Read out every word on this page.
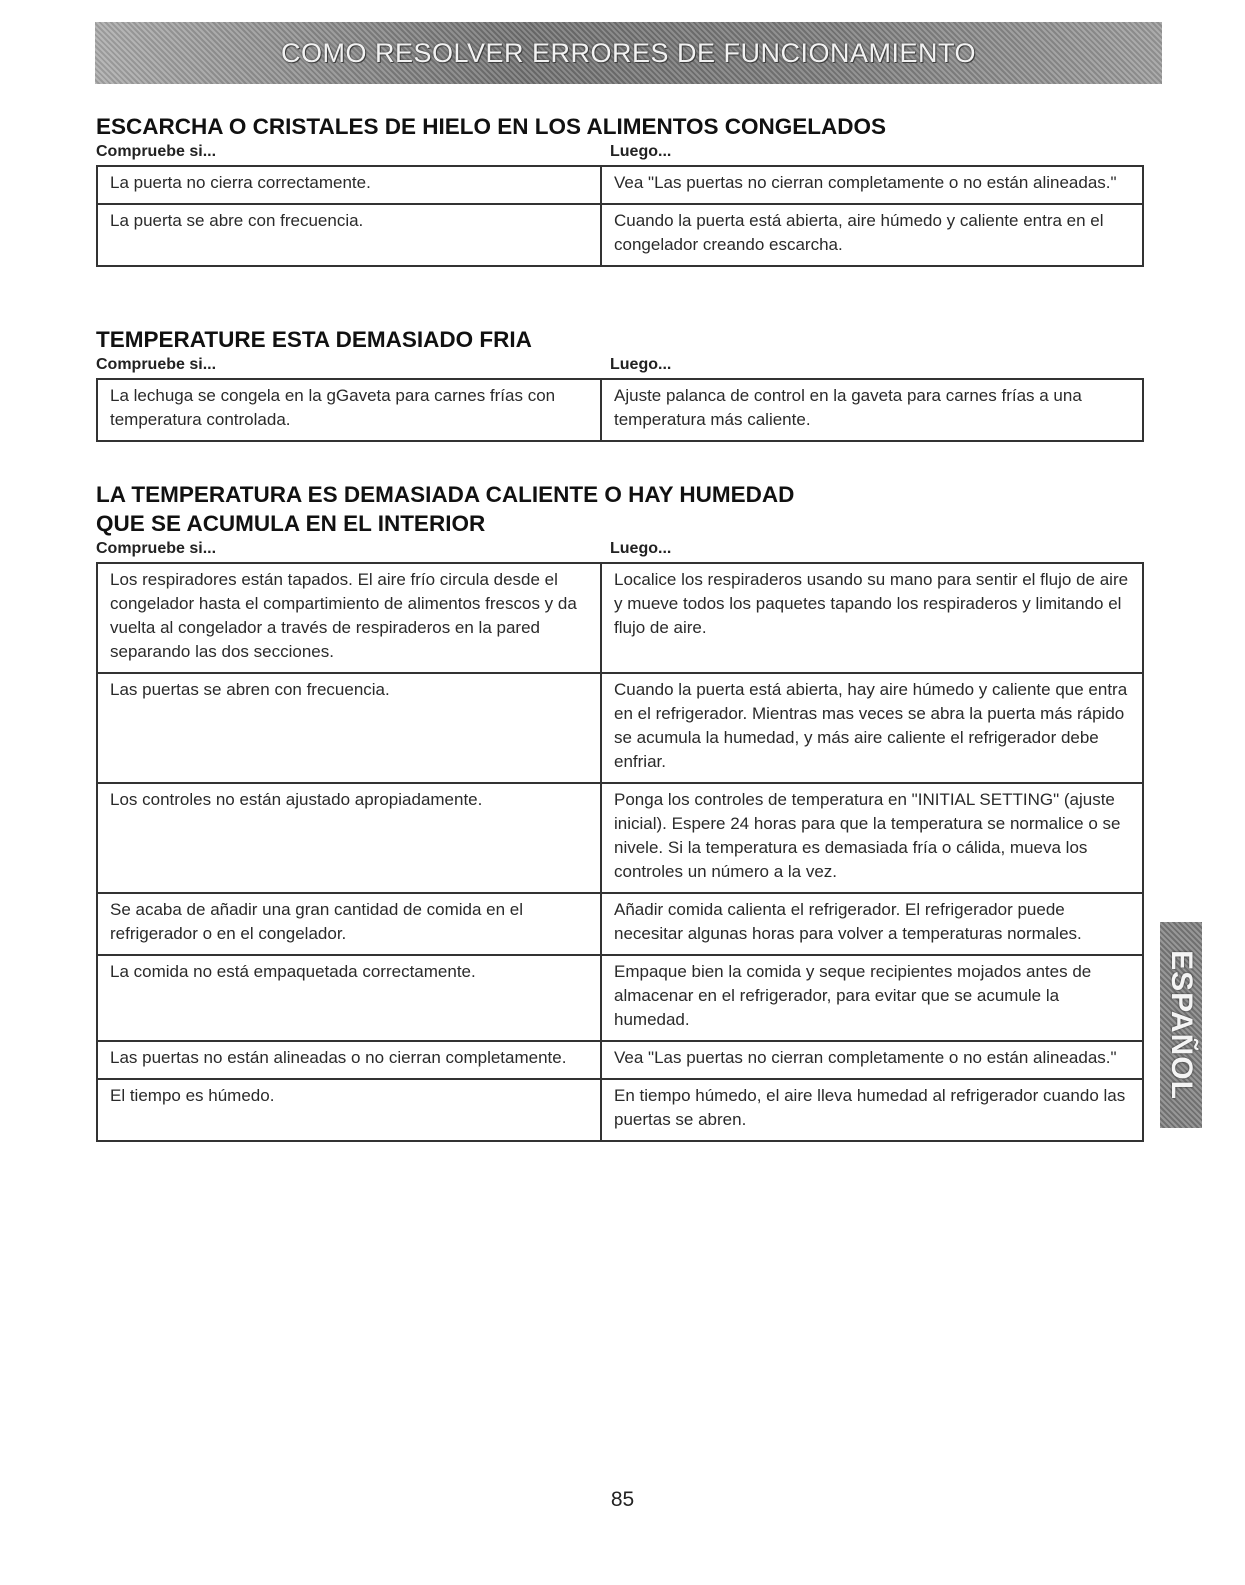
COMO RESOLVER ERRORES DE FUNCIONAMIENTO
ESCARCHA O CRISTALES DE HIELO EN LOS ALIMENTOS CONGELADOS
Compruebe si...	Luego...
La puerta no cierra correctamente.	Vea "Las puertas no cierran completamente o no están alineadas."
La puerta se abre con frecuencia.	Cuando la puerta está abierta, aire húmedo y caliente entra en el congelador creando escarcha.
TEMPERATURE ESTA DEMASIADO FRIA
Compruebe si...	Luego...
La lechuga se congela en la gGaveta para carnes frías con temperatura controlada.	Ajuste palanca de control en la gaveta para carnes frías a una temperatura más caliente.
LA TEMPERATURA ES DEMASIADA CALIENTE O HAY HUMEDAD
QUE SE ACUMULA EN EL INTERIOR
Compruebe si...	Luego...
Los respiradores están tapados. El aire frío circula desde el congelador hasta el compartimiento de alimentos frescos y da vuelta al congelador a través de respiraderos en la pared separando las dos secciones.	Localice los respiraderos usando su mano para sentir el flujo de aire y mueve todos los paquetes tapando los respiraderos y limitando el flujo de aire.
Las puertas se abren con frecuencia.	Cuando la puerta está abierta, hay aire húmedo y caliente que entra en el refrigerador. Mientras mas veces se abra la puerta más rápido se acumula la humedad, y más aire caliente el refrigerador debe enfriar.
Los controles no están ajustado apropiadamente.	Ponga los controles de temperatura en "INITIAL SETTING" (ajuste inicial). Espere 24 horas para que la temperatura se normalice o se nivele. Si la temperatura es demasiada fría o cálida, mueva los controles un número a la vez.
Se acaba de añadir una gran cantidad de comida en el refrigerador o en el congelador.	Añadir comida calienta el refrigerador. El refrigerador puede necesitar algunas horas para volver a temperaturas normales.
La comida no está empaquetada correctamente.	Empaque bien la comida y seque recipientes mojados antes de almacenar en el refrigerador, para evitar que se acumule la humedad.
Las puertas no están alineadas o no cierran completamente.	Vea "Las puertas no cierran completamente o no están alineadas."
El tiempo es húmedo.	En tiempo húmedo, el aire lleva humedad al refrigerador cuando las puertas se abren.
ESPAÑOL
85
